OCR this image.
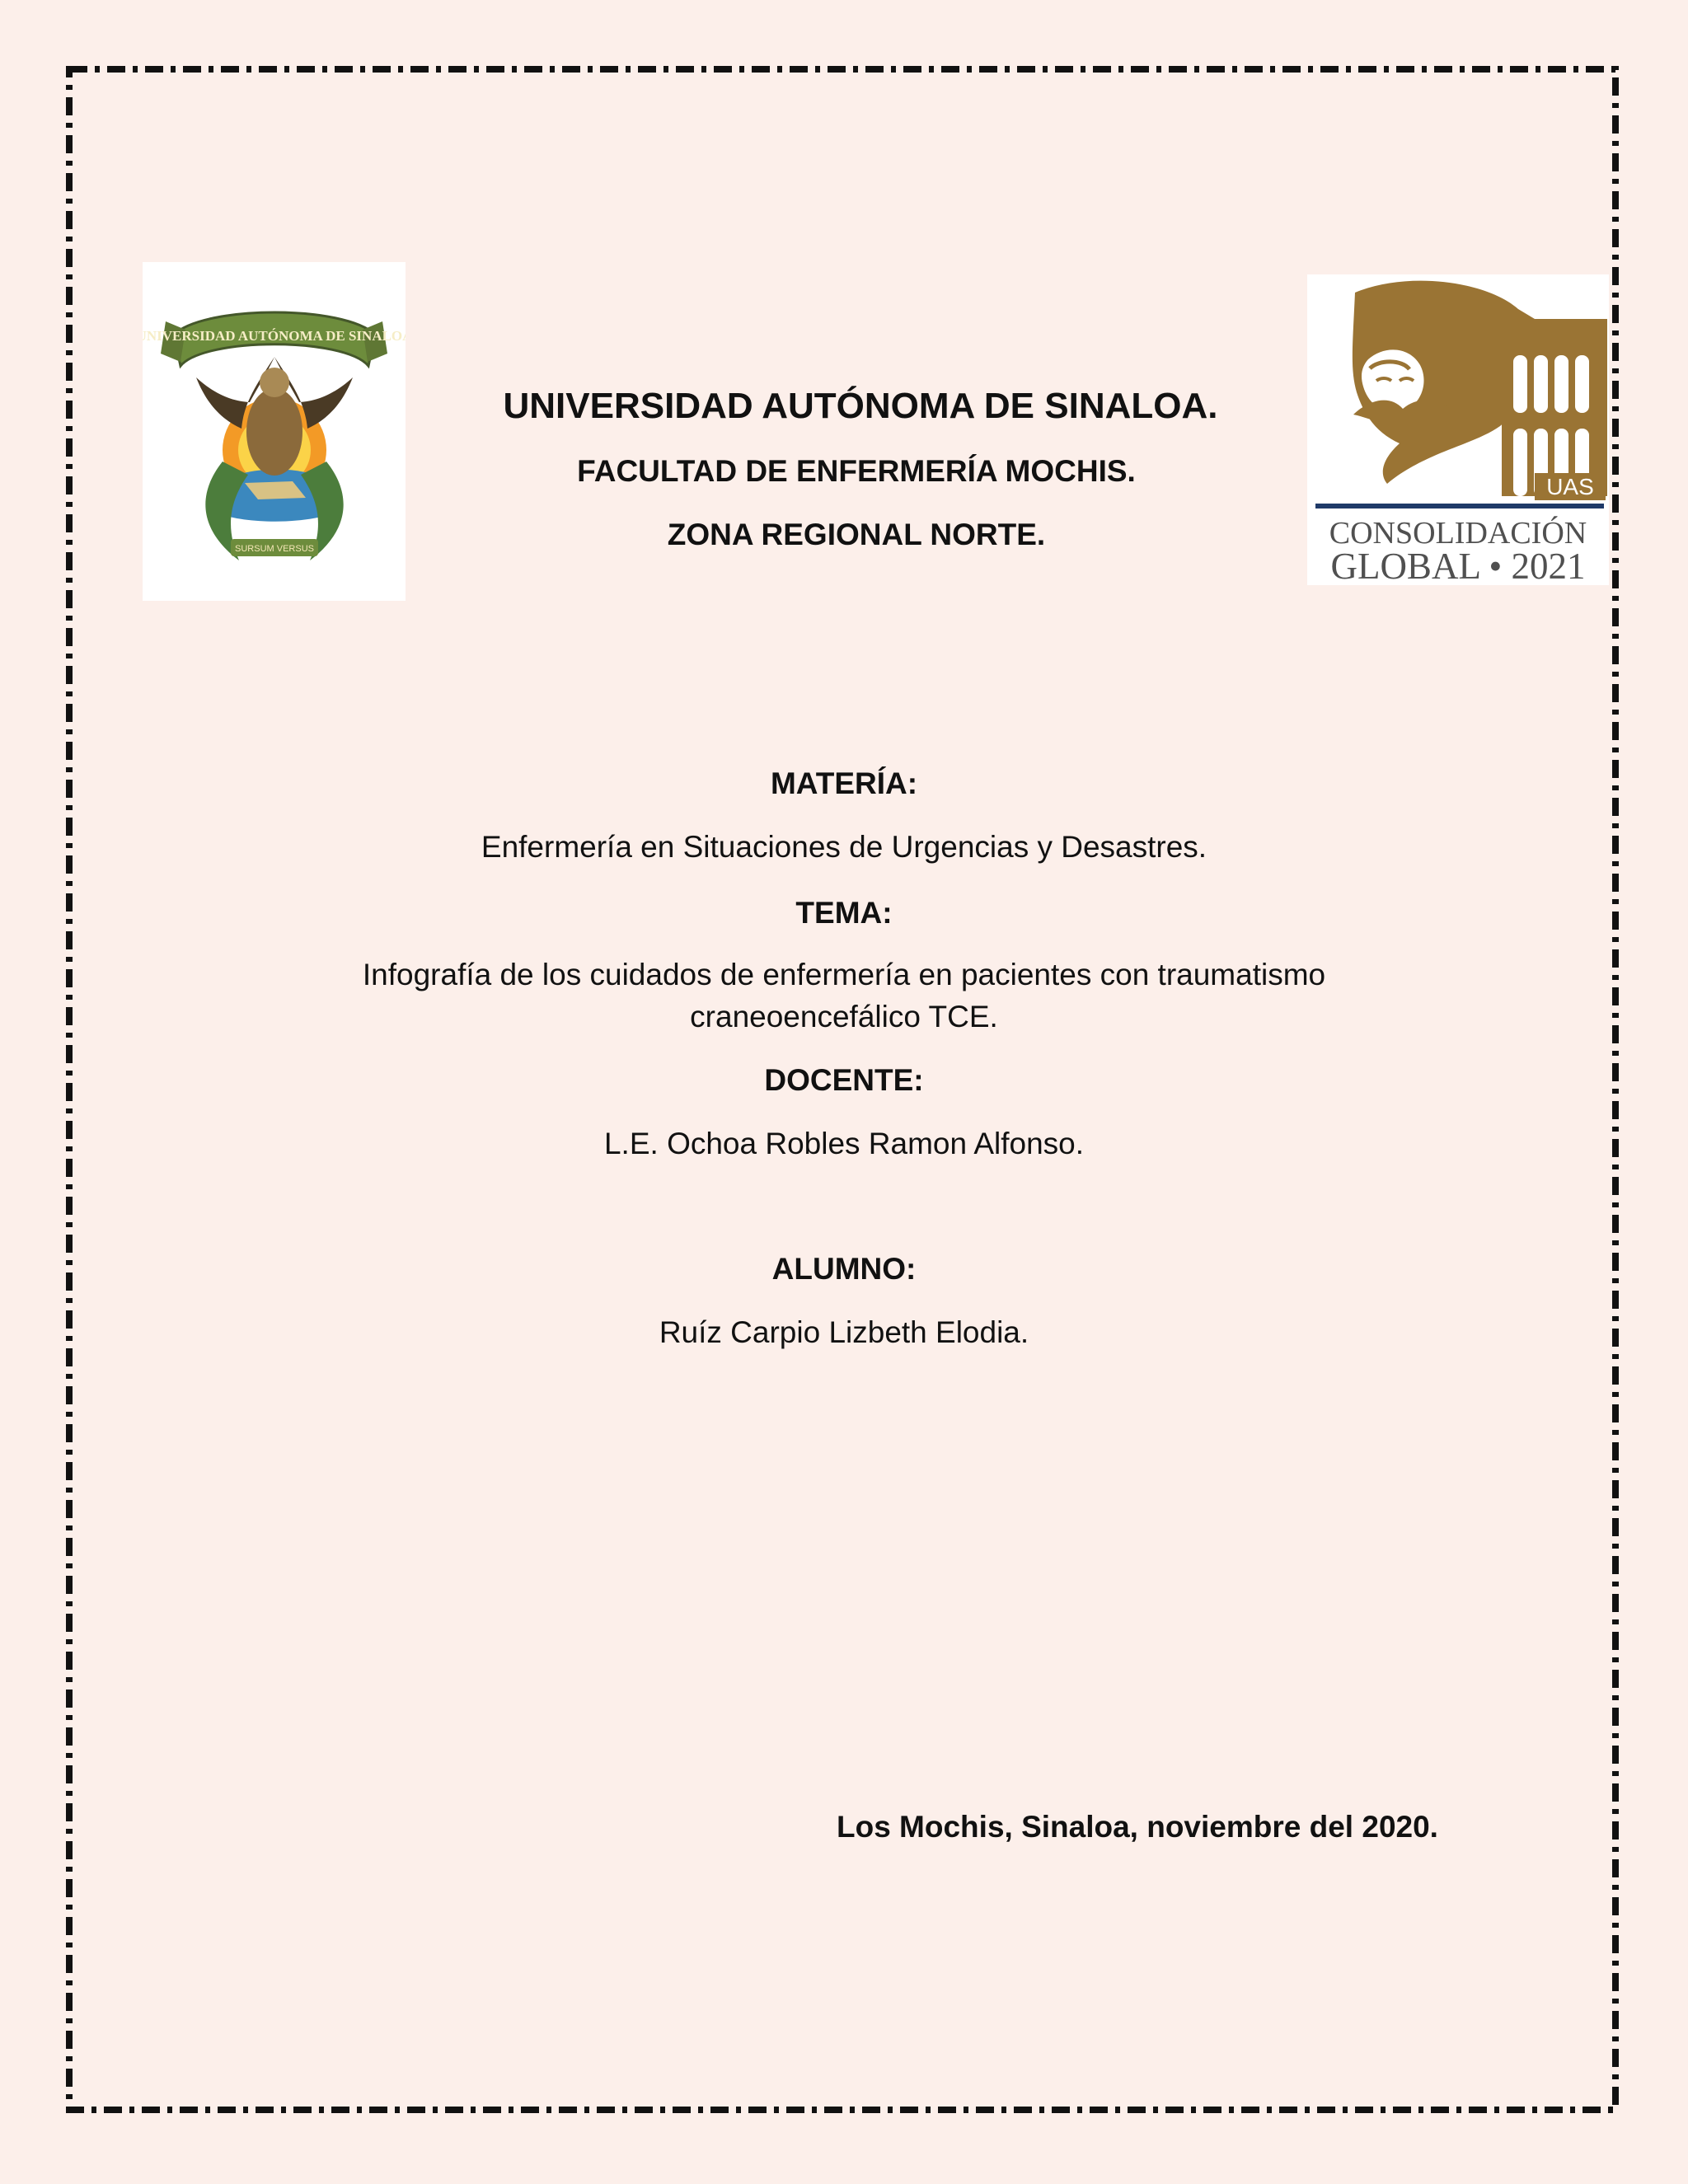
UNIVERSIDAD AUTÓNOMA DE SINALOA
SURSUM VERSUS
UAS
CONSOLIDACIÓN
GLOBAL • 2021
UNIVERSIDAD AUTÓNOMA DE SINALOA.
FACULTAD DE ENFERMERÍA MOCHIS.
ZONA REGIONAL NORTE.
MATERÍA:
Enfermería en Situaciones de Urgencias y Desastres.
TEMA:
Infografía de los cuidados de enfermería en pacientes con traumatismo
craneoencefálico TCE.
DOCENTE:
L.E. Ochoa Robles Ramon Alfonso.
ALUMNO:
Ruíz Carpio Lizbeth Elodia.
Los Mochis, Sinaloa, noviembre del 2020.
